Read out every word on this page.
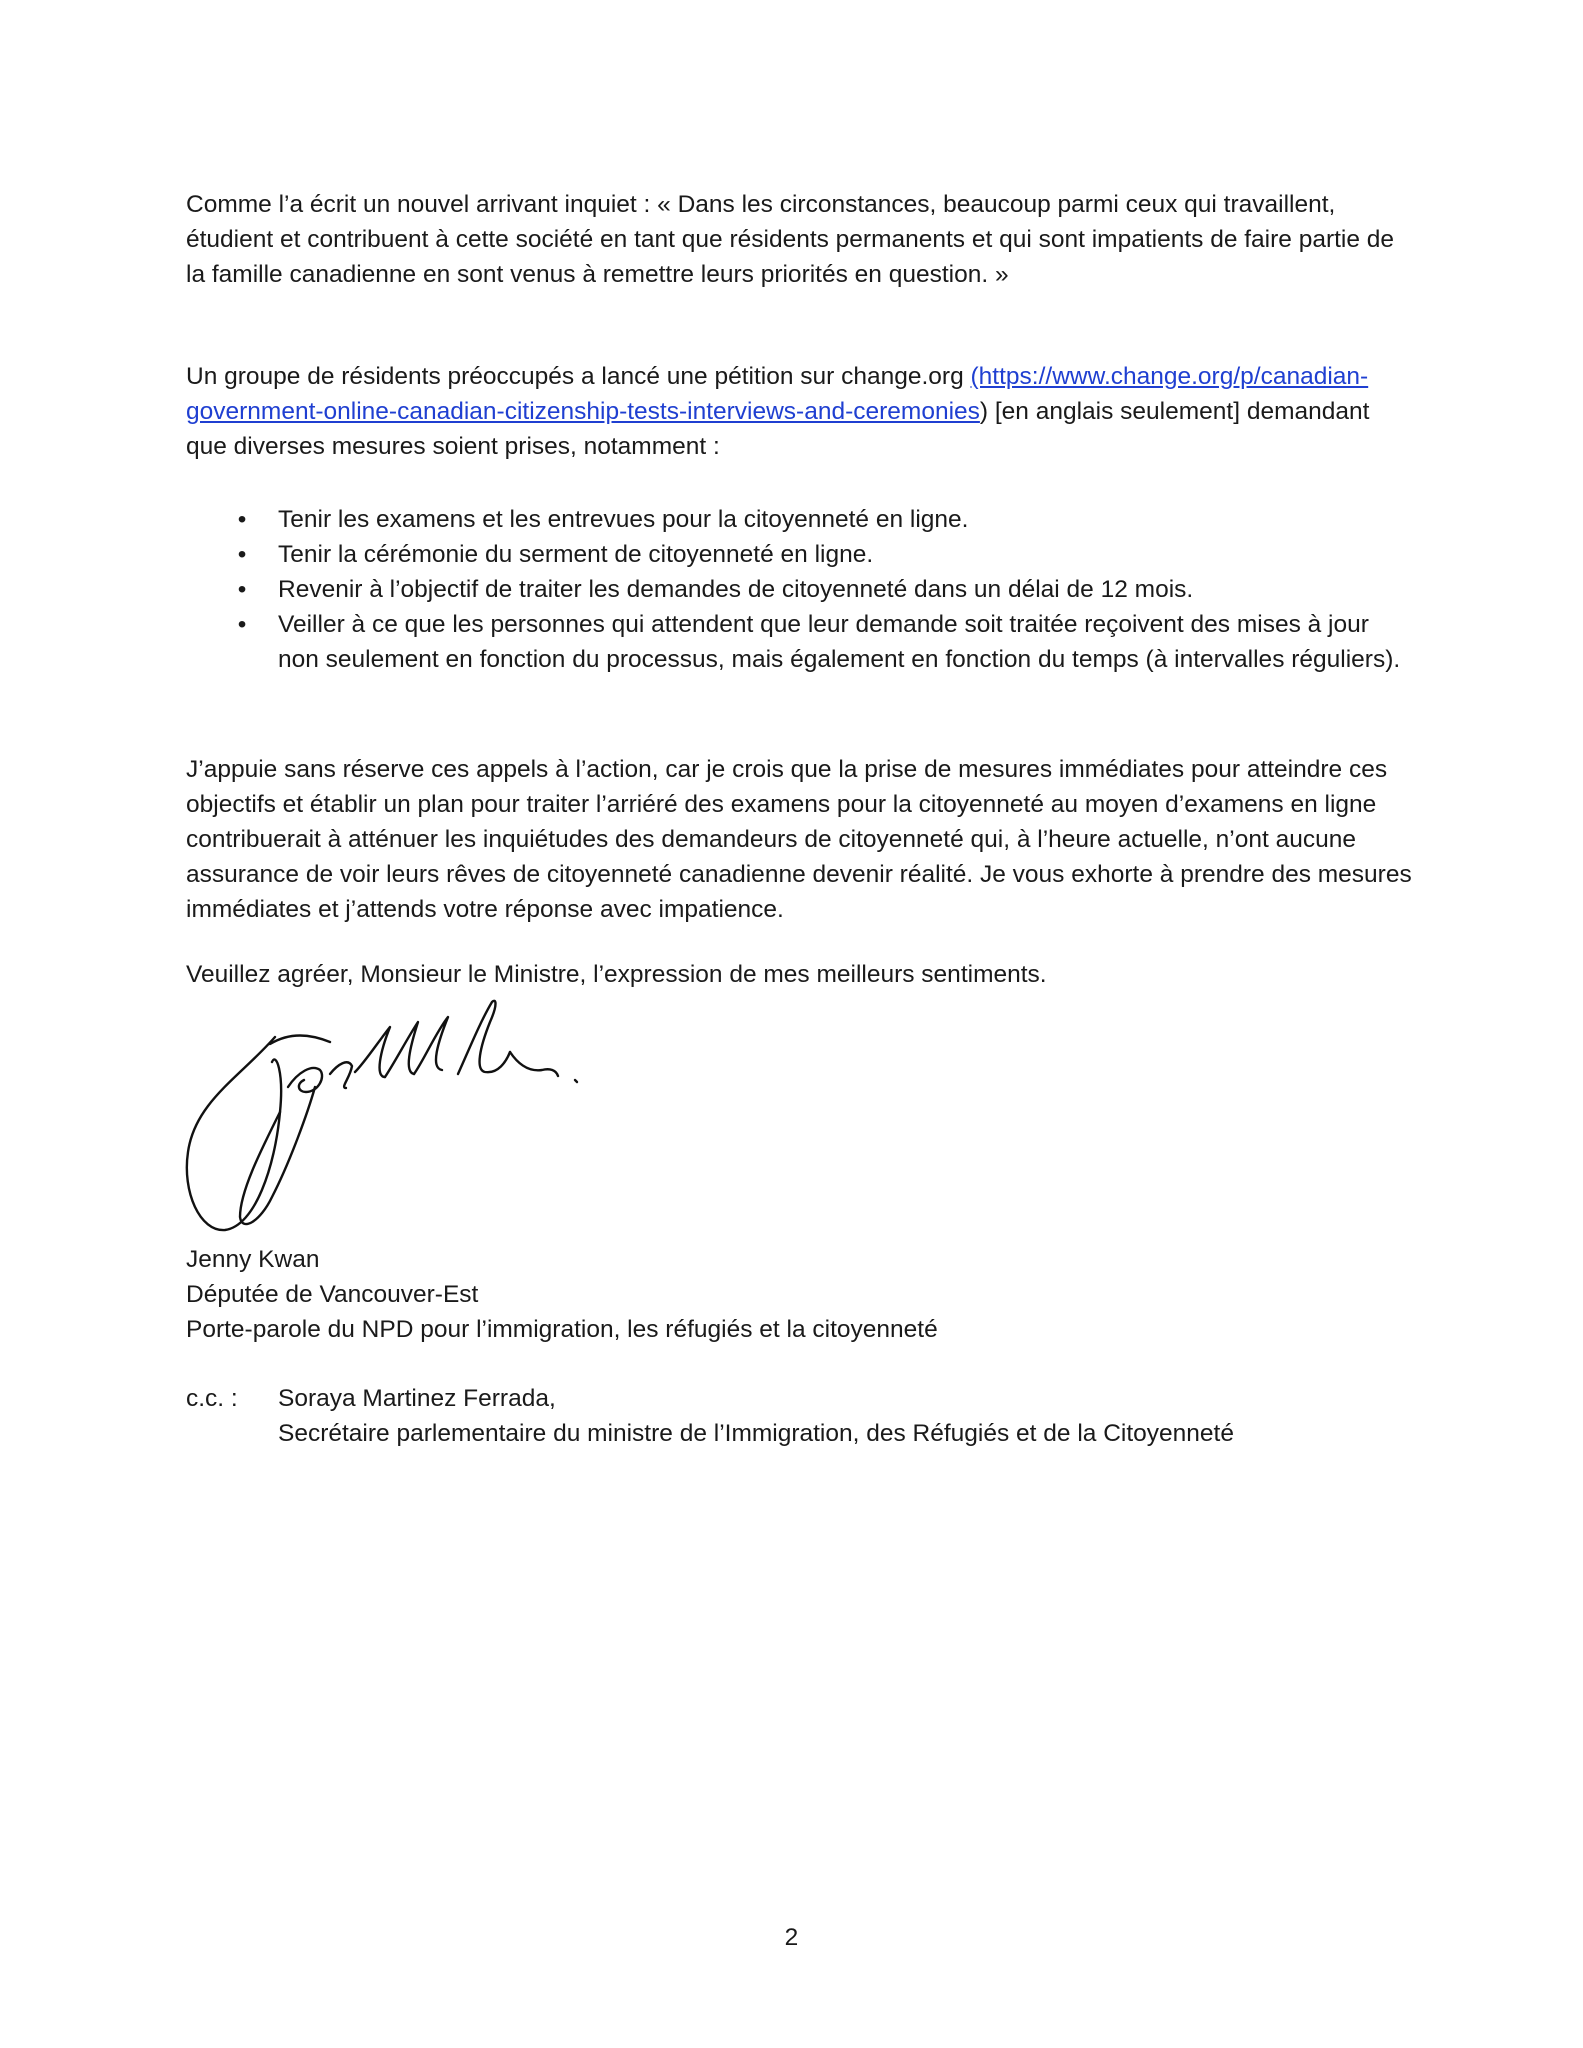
Comme l’a écrit un nouvel arrivant inquiet : « Dans les circonstances, beaucoup parmi ceux qui travaillent, étudient et contribuent à cette société en tant que résidents permanents et qui sont impatients de faire partie de la famille canadienne en sont venus à remettre leurs priorités en question. »

Un groupe de résidents préoccupés a lancé une pétition sur change.org (https://www.change.org/p/canadian-government-online-canadian-citizenship-tests-interviews-and-ceremonies) [en anglais seulement] demandant que diverses mesures soient prises, notamment :

• Tenir les examens et les entrevues pour la citoyenneté en ligne.
• Tenir la cérémonie du serment de citoyenneté en ligne.
• Revenir à l’objectif de traiter les demandes de citoyenneté dans un délai de 12 mois.
• Veiller à ce que les personnes qui attendent que leur demande soit traitée reçoivent des mises à jour non seulement en fonction du processus, mais également en fonction du temps (à intervalles réguliers).

J’appuie sans réserve ces appels à l’action, car je crois que la prise de mesures immédiates pour atteindre ces objectifs et établir un plan pour traiter l’arriéré des examens pour la citoyenneté au moyen d’examens en ligne contribuerait à atténuer les inquiétudes des demandeurs de citoyenneté qui, à l’heure actuelle, n’ont aucune assurance de voir leurs rêves de citoyenneté canadienne devenir réalité. Je vous exhorte à prendre des mesures immédiates et j’attends votre réponse avec impatience.

Veuillez agréer, Monsieur le Ministre, l’expression de mes meilleurs sentiments.

Jenny Kwan
Députée de Vancouver-Est
Porte-parole du NPD pour l’immigration, les réfugiés et la citoyenneté
c.c. :	Soraya Martinez Ferrada,
Secrétaire parlementaire du ministre de l’Immigration, des Réfugiés et de la Citoyenneté
2
